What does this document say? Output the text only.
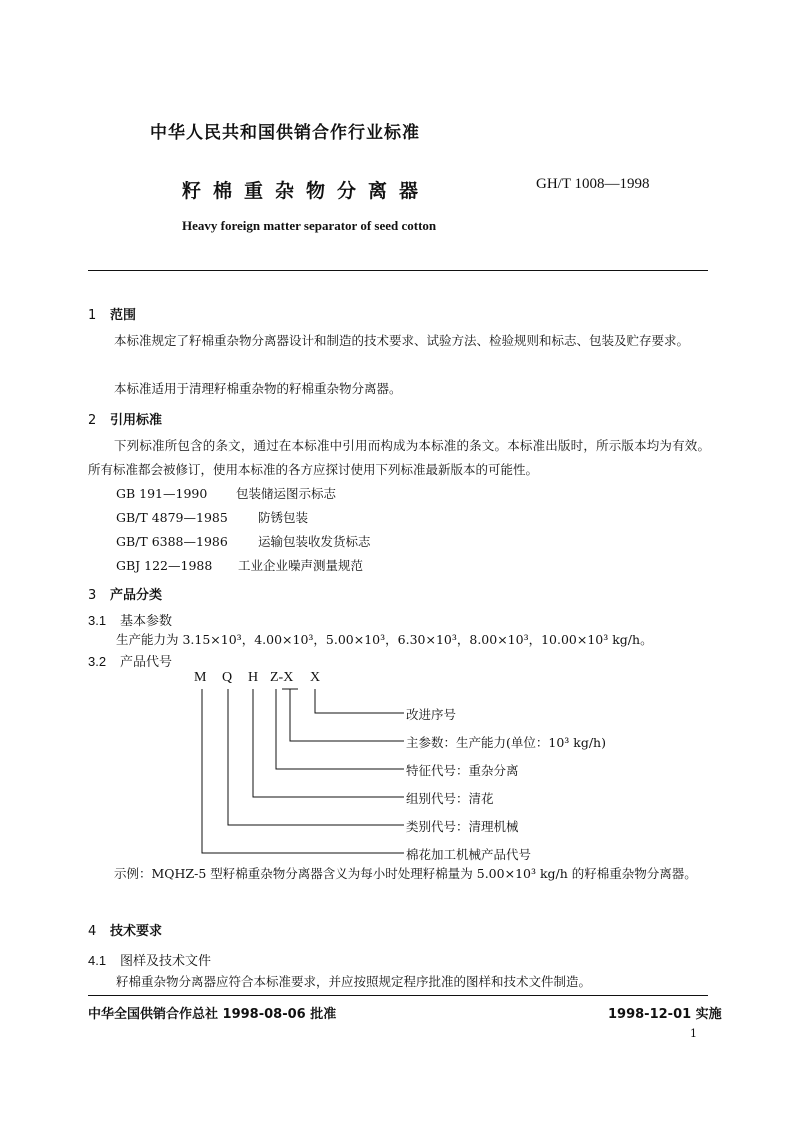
中华人民共和国供销合作行业标准
籽棉重杂物分离器	GH/T 1008—1998
Heavy foreign matter separator of seed cotton
1 范围
本标准规定了籽棉重杂物分离器设计和制造的技术要求、试验方法、检验规则和标志、包装及贮存要求。
本标准适用于清理籽棉重杂物的籽棉重杂物分离器。
2 引用标准
下列标准所包含的条文，通过在本标准中引用而构成为本标准的条文。本标准出版时，所示版本均为有效。所有标准都会被修订，使用本标准的各方应探讨使用下列标准最新版本的可能性。
GB 191—1990 包装储运图示标志
GB/T 4879—1985 防锈包装
GB/T 6388—1986 运输包装收发货标志
GBJ 122—1988 工业企业噪声测量规范
3 产品分类
3.1 基本参数
生产能力为 3.15×10³，4.00×10³，5.00×10³，6.30×10³，8.00×10³，10.00×10³ kg/h。
3.2 产品代号
M Q H Z-X X
改进序号
主参数：生产能力(单位：10³ kg/h)
特征代号：重杂分离
组别代号：清花
类别代号：清理机械
棉花加工机械产品代号
示例：MQHZ-5 型籽棉重杂物分离器含义为每小时处理籽棉量为 5.00×10³ kg/h 的籽棉重杂物分离器。
4 技术要求
4.1 图样及技术文件
籽棉重杂物分离器应符合本标准要求，并应按照规定程序批准的图样和技术文件制造。
中华全国供销合作总社 1998-08-06 批准	1998-12-01 实施
1
